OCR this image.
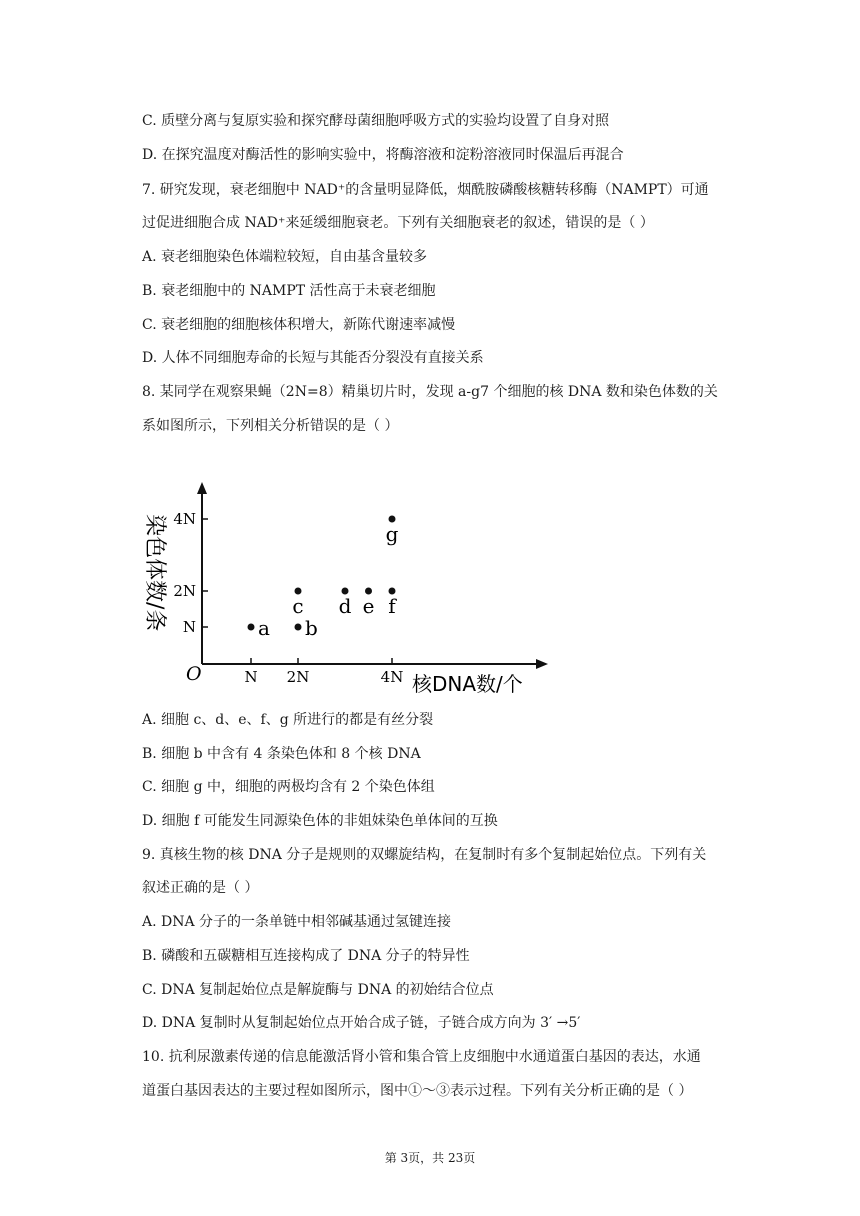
C. 质壁分离与复原实验和探究酵母菌细胞呼吸方式的实验均设置了自身对照
D. 在探究温度对酶活性的影响实验中，将酶溶液和淀粉溶液同时保温后再混合
7. 研究发现，衰老细胞中 NAD⁺的含量明显降低，烟酰胺磷酸核糖转移酶（NAMPT）可通
过促进细胞合成 NAD⁺来延缓细胞衰老。下列有关细胞衰老的叙述，错误的是（ ）
A. 衰老细胞染色体端粒较短，自由基含量较多
B. 衰老细胞中的 NAMPT 活性高于未衰老细胞
C. 衰老细胞的细胞核体积增大，新陈代谢速率减慢
D. 人体不同细胞寿命的长短与其能否分裂没有直接关系
8. 某同学在观察果蝇（2N=8）精巢切片时，发现 a-g7 个细胞的核 DNA 数和染色体数的关
系如图所示，下列相关分析错误的是（ ）
N 2N	4N
N
2N
4N
a b
c d e f
g
O	核DNA数/个
染色体数/条
A. 细胞 c、d、e、f、g 所进行的都是有丝分裂
B. 细胞 b 中含有 4 条染色体和 8 个核 DNA
C. 细胞 g 中，细胞的两极均含有 2 个染色体组
D. 细胞 f 可能发生同源染色体的非姐妹染色单体间的互换
9. 真核生物的核 DNA 分子是规则的双螺旋结构，在复制时有多个复制起始位点。下列有关
叙述正确的是（ ）
A. DNA 分子的一条单链中相邻碱基通过氢键连接
B. 磷酸和五碳糖相互连接构成了 DNA 分子的特异性
C. DNA 复制起始位点是解旋酶与 DNA 的初始结合位点
D. DNA 复制时从复制起始位点开始合成子链，子链合成方向为 3′ →5′
10. 抗利尿激素传递的信息能激活肾小管和集合管上皮细胞中水通道蛋白基因的表达，水通
道蛋白基因表达的主要过程如图所示，图中①～③表示过程。下列有关分析正确的是（ ）
第 3页，共 23页
